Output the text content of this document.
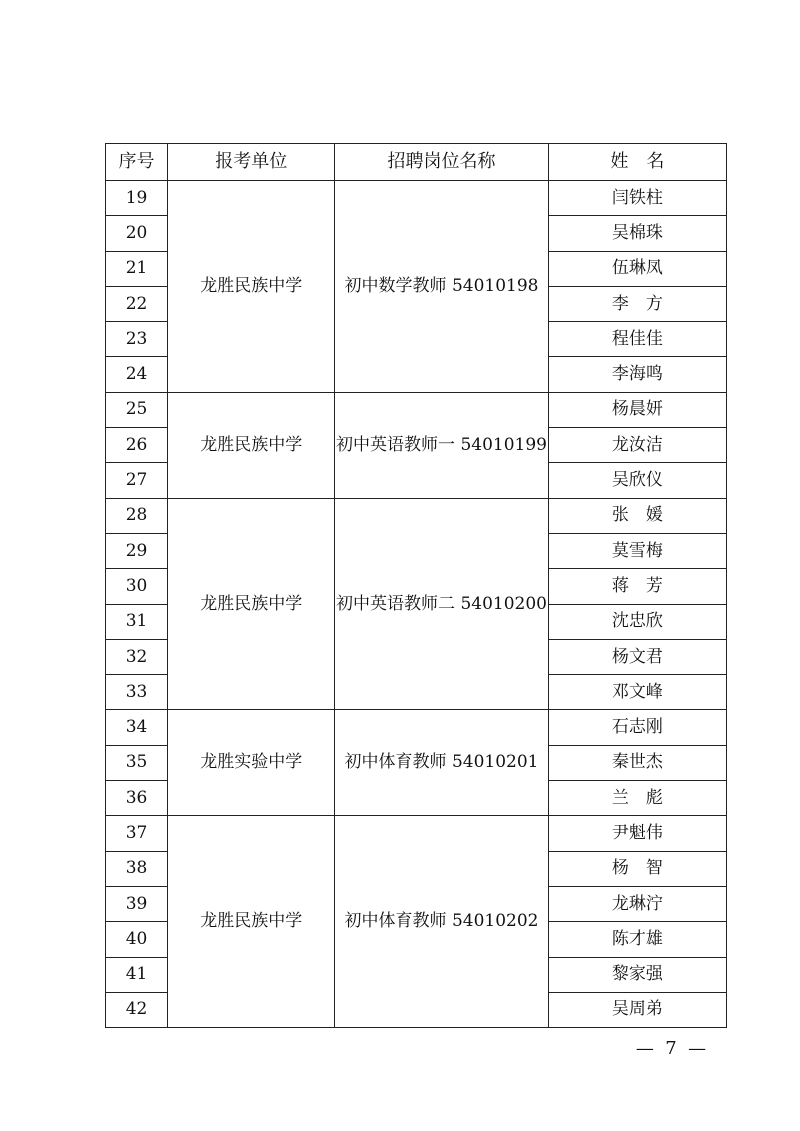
序号	报考单位	招聘岗位名称	姓　名
19	龙胜民族中学	初中数学教师 54010198	闫铁柱
20			吴棉珠
21			伍琳凤
22			李　方
23			程佳佳
24			李海鸣
25	龙胜民族中学	初中英语教师一 54010199	杨晨妍
26			龙汝洁
27			吴欣仪
28	龙胜民族中学	初中英语教师二 54010200	张　媛
29			莫雪梅
30			蒋　芳
31			沈忠欣
32			杨文君
33			邓文峰
34	龙胜实验中学	初中体育教师 54010201	石志刚
35			秦世杰
36			兰　彪
37	龙胜民族中学	初中体育教师 54010202	尹魁伟
38			杨　智
39			龙琳泞
40			陈才雄
41			黎家强
42			吴周弟
—  7  —
